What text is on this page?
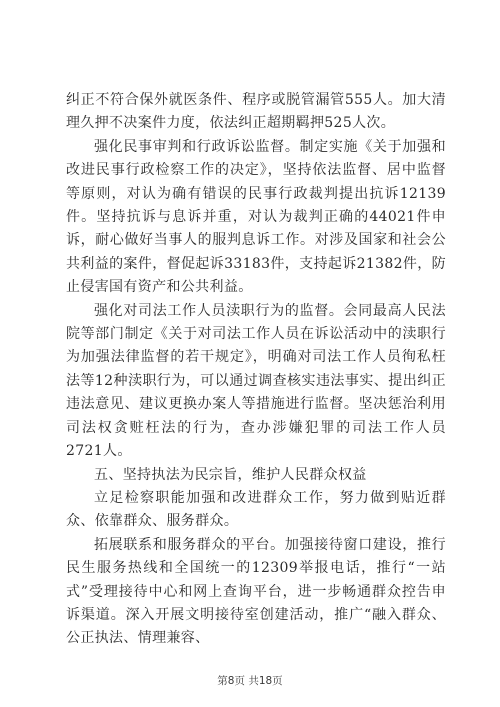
纠正不符合保外就医条件、程序或脱管漏管555人。加大清理久押不决案件力度，依法纠正超期羁押525人次。

强化民事审判和行政诉讼监督。制定实施《关于加强和改进民事行政检察工作的决定》，坚持依法监督、居中监督等原则，对认为确有错误的民事行政裁判提出抗诉12139件。坚持抗诉与息诉并重，对认为裁判正确的44021件申诉，耐心做好当事人的服判息诉工作。对涉及国家和社会公共利益的案件，督促起诉33183件，支持起诉21382件，防止侵害国有资产和公共利益。

强化对司法工作人员渎职行为的监督。会同最高人民法院等部门制定《关于对司法工作人员在诉讼活动中的渎职行为加强法律监督的若干规定》，明确对司法工作人员徇私枉法等12种渎职行为，可以通过调查核实违法事实、提出纠正违法意见、建议更换办案人等措施进行监督。坚决惩治利用司法权贪赃枉法的行为，查办涉嫌犯罪的司法工作人员2721人。

五、坚持执法为民宗旨，维护人民群众权益

立足检察职能加强和改进群众工作，努力做到贴近群众、依靠群众、服务群众。

拓展联系和服务群众的平台。加强接待窗口建设，推行民生服务热线和全国统一的12309举报电话，推行“一站式”受理接待中心和网上查询平台，进一步畅通群众控告申诉渠道。深入开展文明接待室创建活动，推广“融入群众、公正执法、情理兼容、

第8页 共18页
